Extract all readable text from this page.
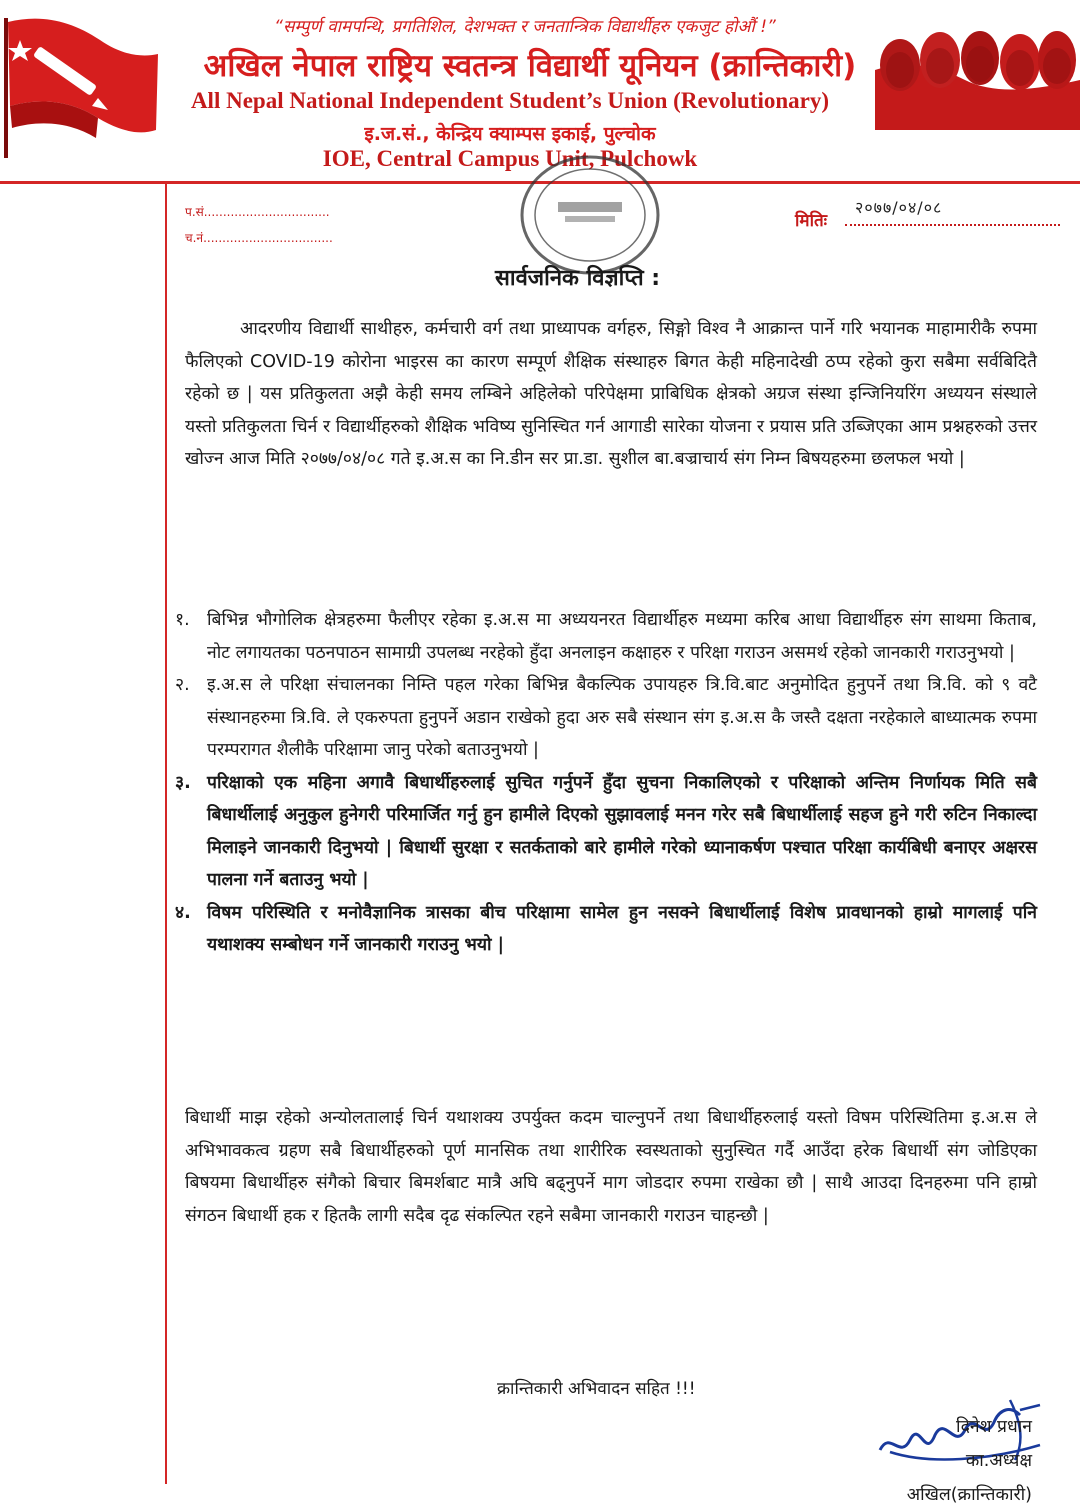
“सम्पुर्ण वामपन्थि, प्रगतिशिल, देशभक्त र जनतान्त्रिक विद्यार्थीहरु एकजुट होऔं !”
अखिल नेपाल राष्ट्रिय स्वतन्त्र विद्यार्थी यूनियन (क्रान्तिकारी)
All Nepal National Independent Student’s Union (Revolutionary)
इ.ज.सं., केन्द्रिय क्याम्पस इकाई, पुल्चोक
IOE, Central Campus Unit, Pulchowk
प.सं.................................
च.नं..................................
मितिः
२०७७/०४/०८
सार्वजनिक विज्ञप्ति :
आदरणीय विद्यार्थी साथीहरु, कर्मचारी वर्ग तथा प्राध्यापक वर्गहरु, सिङ्गो विश्व नै आक्रान्त पार्ने गरि भयानक माहामारीकै रुपमा फैलिएको COVID-19 कोरोना भाइरस का कारण सम्पूर्ण शैक्षिक संस्थाहरु बिगत केही महिनादेखी ठप्प रहेको कुरा सबैमा सर्वबिदितै रहेको छ | यस प्रतिकुलता अझै केही समय लम्बिने अहिलेको परिपेक्षमा प्राबिधिक क्षेत्रको अग्रज संस्था इन्जिनियरिंग अध्ययन संस्थाले यस्तो प्रतिकुलता चिर्न र विद्यार्थीहरुको शैक्षिक भविष्य सुनिस्चित गर्न आगाडी सारेका योजना र प्रयास प्रति उब्जिएका आम प्रश्नहरुको उत्तर खोज्न आज मिति २०७७/०४/०८ गते इ.अ.स का नि.डीन सर प्रा.डा. सुशील बा.बज्राचार्य संग निम्न बिषयहरुमा छलफल भयो |
१. बिभिन्न भौगोलिक क्षेत्रहरुमा फैलीएर रहेका इ.अ.स मा अध्ययनरत विद्यार्थीहरु मध्यमा करिब आधा विद्यार्थीहरु संग साथमा किताब, नोट लगायतका पठनपाठन सामाग्री उपलब्ध नरहेको हुँदा अनलाइन कक्षाहरु र परिक्षा गराउन असमर्थ रहेको जानकारी गराउनुभयो |
२. इ.अ.स ले परिक्षा संचालनका निम्ति पहल गरेका बिभिन्न बैकल्पिक उपायहरु त्रि.वि.बाट अनुमोदित हुनुपर्ने तथा त्रि.वि. को ९ वटै संस्थानहरुमा त्रि.वि. ले एकरुपता हुनुपर्ने अडान राखेको हुदा अरु सबै संस्थान संग इ.अ.स कै जस्तै दक्षता नरहेकाले बाध्यात्मक रुपमा परम्परागत शैलीकै परिक्षामा जानु परेको बताउनुभयो |
३. परिक्षाको एक महिना अगावै बिधार्थीहरुलाई सुचित गर्नुपर्ने हुँदा सुचना निकालिएको र परिक्षाको अन्तिम निर्णायक मिति सबै बिधार्थीलाई अनुकुल हुनेगरी परिमार्जित गर्नु हुन हामीले दिएको सुझावलाई मनन गरेर सबै बिधार्थीलाई सहज हुने गरी रुटिन निकाल्दा मिलाइने जानकारी दिनुभयो | बिधार्थी सुरक्षा र सतर्कताको बारे हामीले गरेको ध्यानाकर्षण पश्चात परिक्षा कार्यबिधी बनाएर अक्षरस पालना गर्ने बताउनु भयो |
४. विषम परिस्थिति र मनोवैज्ञानिक त्रासका बीच परिक्षामा सामेल हुन नसक्ने बिधार्थीलाई विशेष प्रावधानको हाम्रो मागलाई पनि यथाशक्य सम्बोधन गर्ने जानकारी गराउनु भयो |
बिधार्थी माझ रहेको अन्योलतालाई चिर्न यथाशक्य उपर्युक्त कदम चाल्नुपर्ने तथा बिधार्थीहरुलाई यस्तो विषम परिस्थितिमा इ.अ.स ले अभिभावकत्व ग्रहण सबै बिधार्थीहरुको पूर्ण मानसिक तथा शारीरिक स्वस्थताको सुनुस्चित गर्दै आउँदा हरेक बिधार्थी संग जोडिएका बिषयमा बिधार्थीहरु संगैको बिचार बिमर्शबाट मात्रै अघि बढ्नुपर्ने माग जोडदार रुपमा राखेका छौ | साथै आउदा दिनहरुमा पनि हाम्रो संगठन बिधार्थी हक र हितकै लागी सदैब दृढ संकल्पित रहने सबैमा जानकारी गराउन चाहन्छौ |
क्रान्तिकारी अभिवादन सहित !!!
दिनेश प्रधान
का.अध्यक्ष
अखिल(क्रान्तिकारी)
